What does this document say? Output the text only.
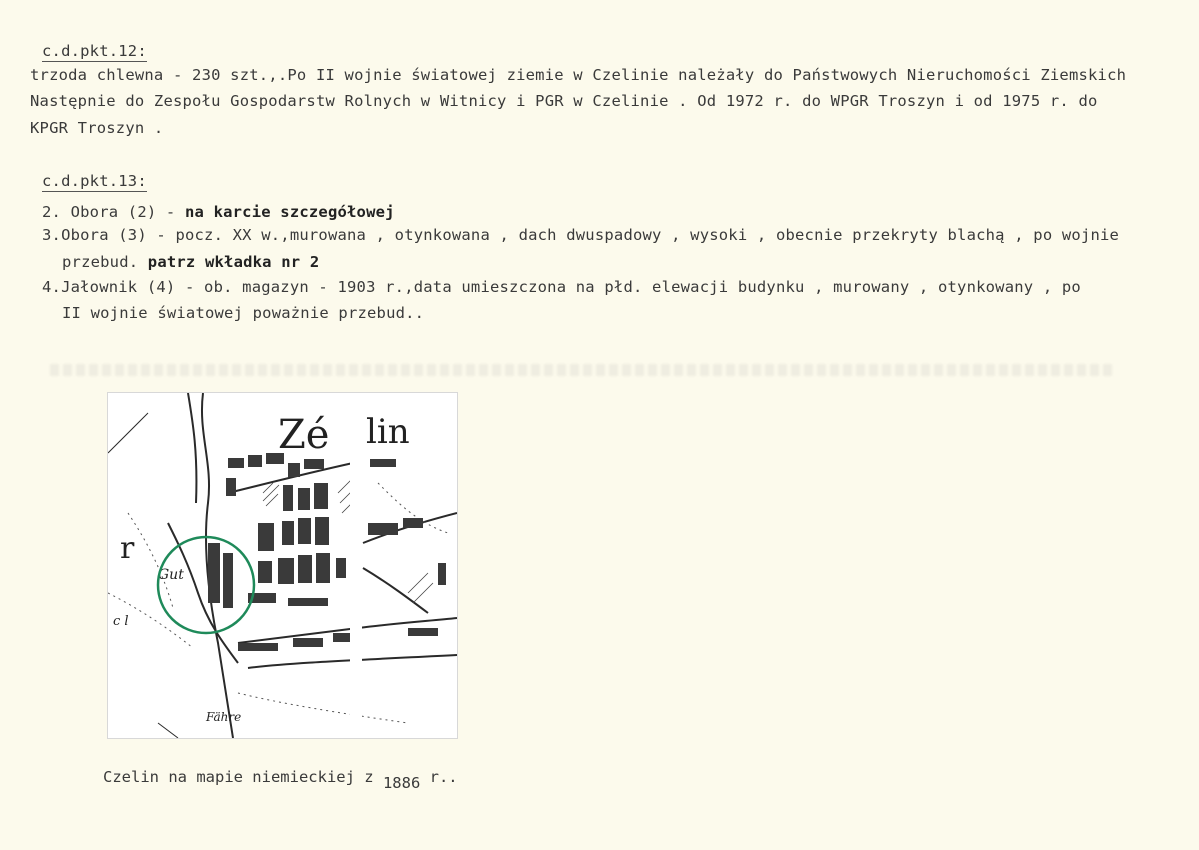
c.d.pkt.12:
trzoda chlewna - 230 szt.,.Po II wojnie światowej ziemie w Czelinie należały do Państwowych Nieruchomości Ziemskich
Następnie do Zespołu Gospodarstw Rolnych w Witnicy i PGR w Czelinie . Od 1972 r. do WPGR Troszyn i od 1975 r. do
KPGR Troszyn .
c.d.pkt.13:
2. Obora (2) - na karcie szczegółowej
3.Obora (3) - pocz. XX w.,murowana , otynkowana , dach dwuspadowy , wysoki , obecnie przekryty blachą , po wojnie
przebud. patrz wkładka nr 2
4.Jałownik (4) - ob. magazyn - 1903 r.,data umieszczona na płd. elewacji budynku , murowany , otynkowany , po
II wojnie światowej poważnie przebud..
Zé lin
r
Gut
c l
Fähre
Czelin na mapie niemieckiej z 1886 r..
